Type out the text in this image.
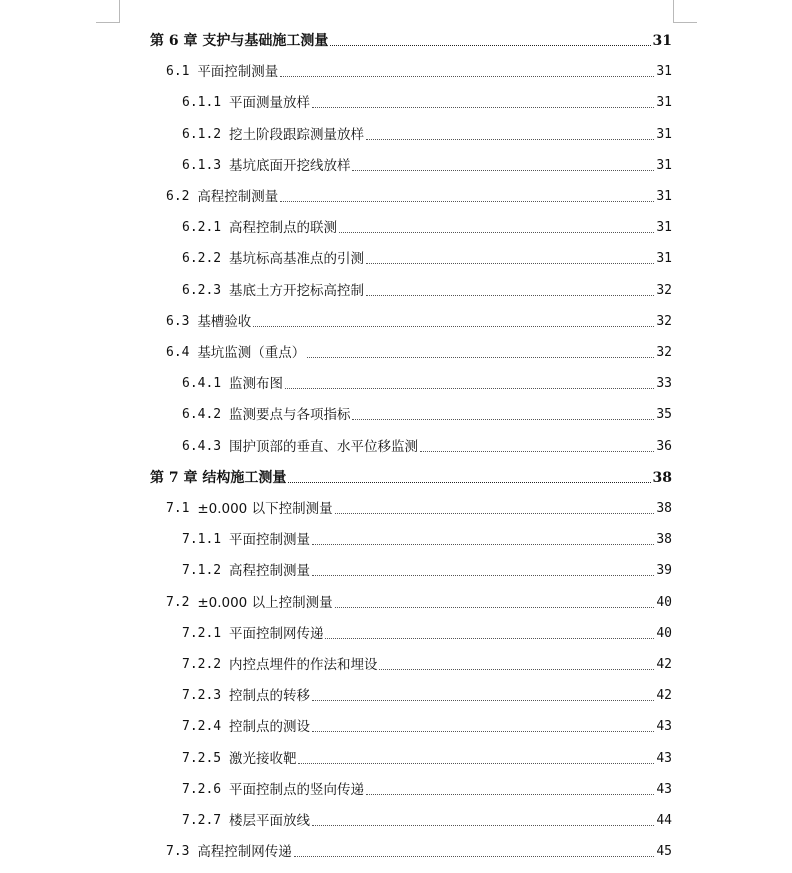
第 6 章 支护与基础施工测量	31
6.1 平面控制测量	31
6.1.1 平面测量放样	31
6.1.2 挖土阶段跟踪测量放样	31
6.1.3 基坑底面开挖线放样	31
6.2 高程控制测量	31
6.2.1 高程控制点的联测	31
6.2.2 基坑标高基准点的引测	31
6.2.3 基底土方开挖标高控制	32
6.3 基槽验收	32
6.4 基坑监测（重点）	32
6.4.1 监测布图	33
6.4.2 监测要点与各项指标	35
6.4.3 围护顶部的垂直、水平位移监测	36
第 7 章 结构施工测量	38
7.1 ±0.000 以下控制测量	38
7.1.1 平面控制测量	38
7.1.2 高程控制测量	39
7.2 ±0.000 以上控制测量	40
7.2.1 平面控制网传递	40
7.2.2 内控点埋件的作法和埋设	42
7.2.3 控制点的转移	42
7.2.4 控制点的测设	43
7.2.5 激光接收靶	43
7.2.6 平面控制点的竖向传递	43
7.2.7 楼层平面放线	44
7.3 高程控制网传递	45
